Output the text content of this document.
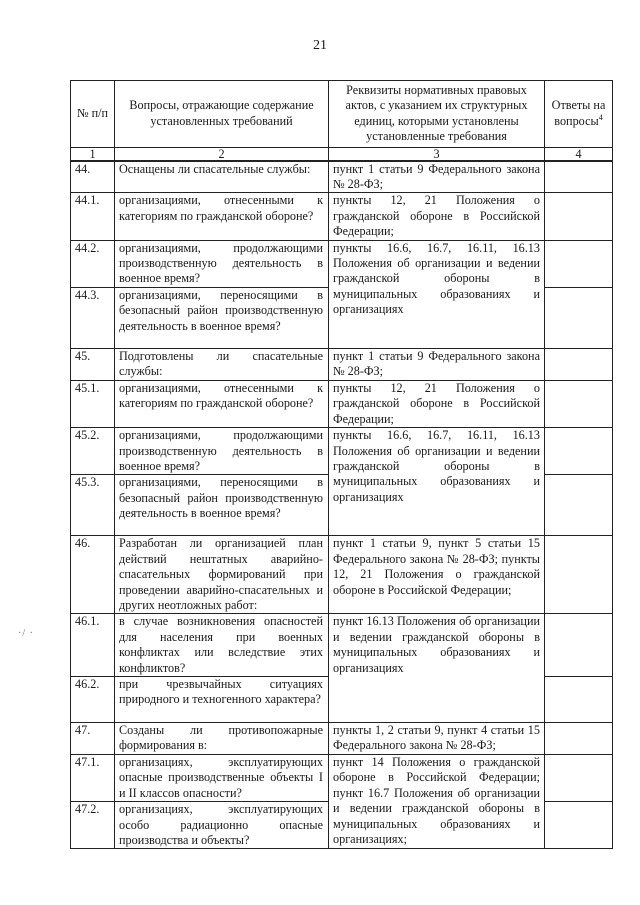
21
№ п/п	Вопросы, отражающие содержание установленных требований	Реквизиты нормативных правовых актов, с указанием их структурных единиц, которыми установлены установленные требования	Ответы на вопросы$^4$
1	2	3	4
44.	Оснащены ли спасательные службы:	пункт 1 статьи 9 Федерального закона № 28-ФЗ;	
44.1.	организациями, отнесенными к категориям по гражданской обороне?	пункты 12, 21 Положения о гражданской обороне в Российской Федерации;	
44.2.	организациями, продолжающими производственную деятельность в военное время?	пункты 16.6, 16.7, 16.11, 16.13 Положения об организации и ведении гражданской обороны в муниципальных образованиях и организациях	
44.3.	организациями, переносящими в безопасный район производственную деятельность в военное время?		
45.	Подготовлены ли спасательные службы:	пункт 1 статьи 9 Федерального закона № 28-ФЗ;	
45.1.	организациями, отнесенными к категориям по гражданской обороне?	пункты 12, 21 Положения о гражданской обороне в Российской Федерации;	
45.2.	организациями, продолжающими производственную деятельность в военное время?	пункты 16.6, 16.7, 16.11, 16.13 Положения об организации и ведении гражданской обороны в муниципальных образованиях и организациях	
45.3.	организациями, переносящими в безопасный район производственную деятельность в военное время?		
46.	Разработан ли организацией план действий нештатных аварийно-спасательных формирований при проведении аварийно-спасательных и других неотложных работ:	пункт 1 статьи 9, пункт 5 статьи 15 Федерального закона № 28-ФЗ; пункты 12, 21 Положения о гражданской обороне в Российской Федерации;	
46.1.	в случае возникновения опасностей для населения при военных конфликтах или вследствие этих конфликтов?	пункт 16.13 Положения об организации и ведении гражданской обороны в муниципальных образованиях и организациях	
46.2.	при чрезвычайных ситуациях природного и техногенного характера?		
47.	Созданы ли противопожарные формирования в:	пункты 1, 2 статьи 9, пункт 4 статьи 15 Федерального закона № 28-ФЗ;	
47.1.	организациях, эксплуатирующих опасные производственные объекты I и II классов опасности?	пункт 14 Положения о гражданской обороне в Российской Федерации; пункт 16.7 Положения об организации и ведении гражданской обороны в муниципальных образованиях и организациях;	
47.2.	организациях, эксплуатирующих особо радиационно опасные производства и объекты?		
·/ ·
